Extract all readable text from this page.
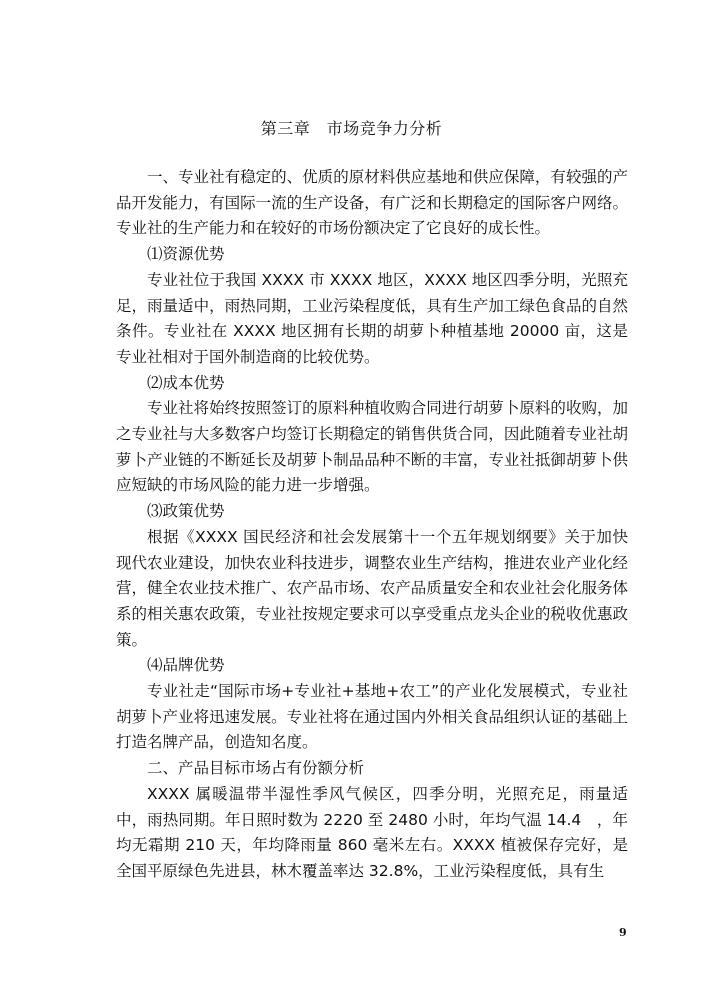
第三章　市场竞争力分析

一、专业社有稳定的、优质的原材料供应基地和供应保障，有较强的产品开发能力，有国际一流的生产设备，有广泛和长期稳定的国际客户网络。专业社的生产能力和在较好的市场份额决定了它良好的成长性。

⑴资源优势

专业社位于我国 XXXX 市 XXXX 地区，XXXX 地区四季分明，光照充足，雨量适中，雨热同期，工业污染程度低，具有生产加工绿色食品的自然条件。专业社在 XXXX 地区拥有长期的胡萝卜种植基地 20000 亩，这是专业社相对于国外制造商的比较优势。

⑵成本优势

专业社将始终按照签订的原料种植收购合同进行胡萝卜原料的收购，加之专业社与大多数客户均签订长期稳定的销售供货合同，因此随着专业社胡萝卜产业链的不断延长及胡萝卜制品品种不断的丰富，专业社抵御胡萝卜供应短缺的市场风险的能力进一步增强。

⑶政策优势

根据《XXXX 国民经济和社会发展第十一个五年规划纲要》关于加快现代农业建设，加快农业科技进步，调整农业生产结构，推进农业产业化经营，健全农业技术推广、农产品市场、农产品质量安全和农业社会化服务体系的相关惠农政策，专业社按规定要求可以享受重点龙头企业的税收优惠政策。

⑷品牌优势

专业社走“国际市场+专业社+基地+农工”的产业化发展模式，专业社胡萝卜产业将迅速发展。专业社将在通过国内外相关食品组织认证的基础上打造名牌产品，创造知名度。

二、产品目标市场占有份额分析

XXXX 属暖温带半湿性季风气候区，四季分明，光照充足，雨量适中，雨热同期。年日照时数为 2220 至 2480 小时，年均气温 14.4　，年均无霜期 210 天，年均降雨量 860 毫米左右。XXXX 植被保存完好，是全国平原绿色先进县，林木覆盖率达 32.8%，工业污染程度低，具有生

9
